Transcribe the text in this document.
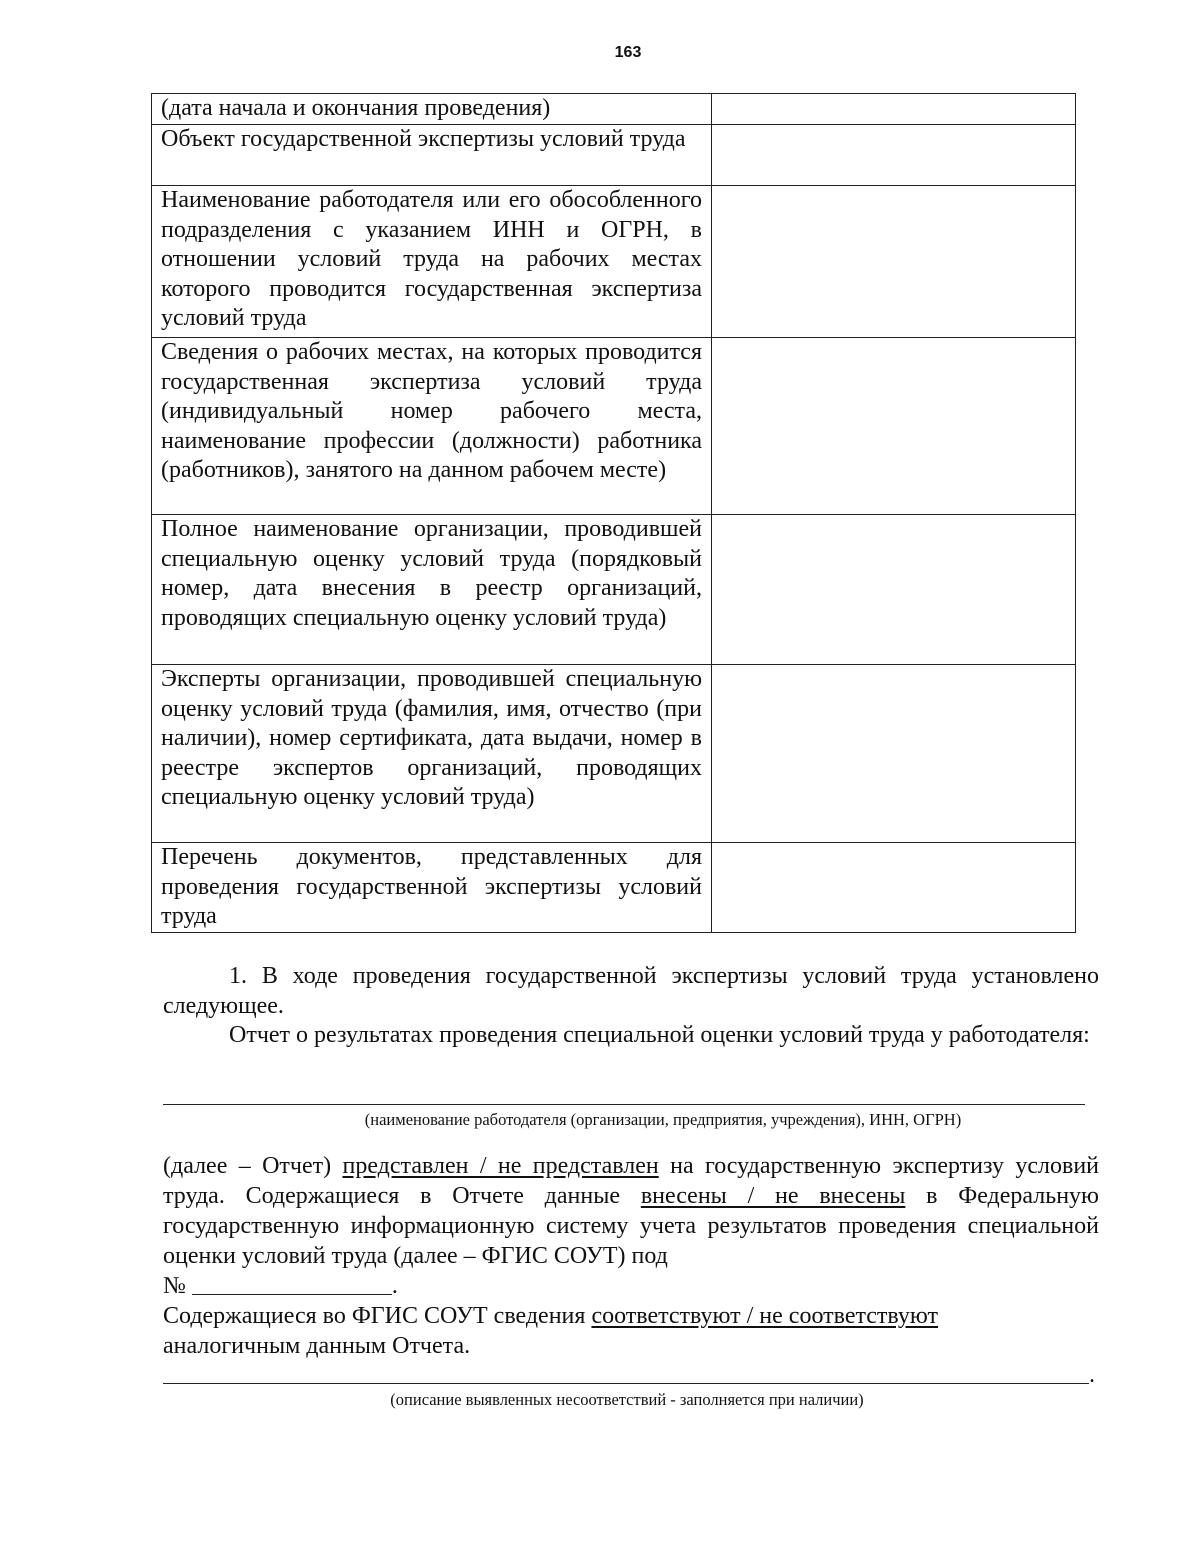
163
(дата начала и окончания проведения)	
Объект государственной экспертизы условий труда	
Наименование работодателя или его обособленного подразделения с указанием ИНН и ОГРН, в отношении условий труда на рабочих местах которого проводится государственная экспертиза условий труда	
Сведения о рабочих местах, на которых проводится государственная экспертиза условий труда (индивидуальный номер рабочего места, наименование профессии (должности) работника (работников), занятого на данном рабочем месте)	
Полное наименование организации, проводившей специальную оценку условий труда (порядковый номер, дата внесения в реестр организаций, проводящих специальную оценку условий труда)	
Эксперты организации, проводившей специальную оценку условий труда (фамилия, имя, отчество (при наличии), номер сертификата, дата выдачи, номер в реестре экспертов организаций, проводящих специальную оценку условий труда)	
Перечень документов, представленных для проведения государственной экспертизы условий труда	
1. В ходе проведения государственной экспертизы условий труда установлено следующее.
Отчет о результатах проведения специальной оценки условий труда у работодателя:
(наименование работодателя (организации, предприятия, учреждения), ИНН, ОГРН)
(далее – Отчет) представлен / не представлен на государственную экспертизу условий труда. Содержащиеся в Отчете данные внесены / не внесены в Федеральную государственную информационную систему учета результатов проведения специальной оценки условий труда (далее – ФГИС СОУТ) под
№	.
Содержащиеся во ФГИС СОУТ сведения соответствуют / не соответствуют
аналогичным данным Отчета.
.
(описание выявленных несоответствий - заполняется при наличии)
